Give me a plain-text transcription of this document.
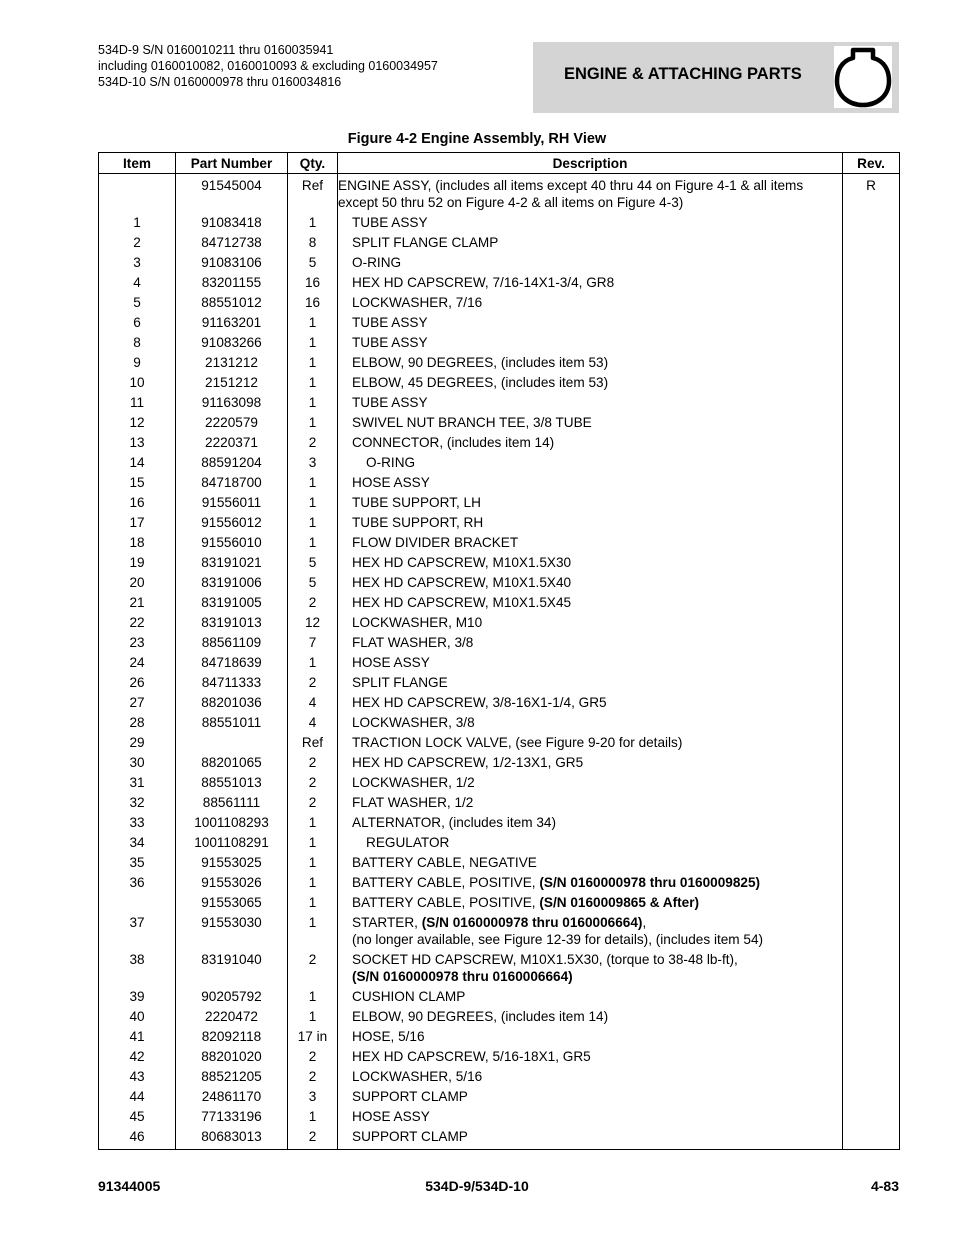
534D-9 S/N 0160010211 thru 0160035941
including 0160010082, 0160010093 & excluding 0160034957
534D-10 S/N 0160000978 thru 0160034816	ENGINE & ATTACHING PARTS
Figure 4-2 Engine Assembly, RH View
Item	Part Number	Qty.	Description	Rev.
	91545004	Ref	ENGINE ASSY, (includes all items except 40 thru 44 on Figure 4-1 & all items except 50 thru 52 on Figure 4-2 & all items on Figure 4-3)	R
1	91083418	1	TUBE ASSY	

2	84712738	8	SPLIT FLANGE CLAMP	

3	91083106	5	O-RING	

4	83201155	16	HEX HD CAPSCREW, 7/16-14X1-3/4, GR8	

5	88551012	16	LOCKWASHER, 7/16	

6	91163201	1	TUBE ASSY	

8	91083266	1	TUBE ASSY	

9	2131212	1	ELBOW, 90 DEGREES, (includes item 53)	

10	2151212	1	ELBOW, 45 DEGREES, (includes item 53)	

11	91163098	1	TUBE ASSY	

12	2220579	1	SWIVEL NUT BRANCH TEE, 3/8 TUBE	

13	2220371	2	CONNECTOR, (includes item 14)	

14	88591204	3	O-RING	

15	84718700	1	HOSE ASSY	

16	91556011	1	TUBE SUPPORT, LH	

17	91556012	1	TUBE SUPPORT, RH	

18	91556010	1	FLOW DIVIDER BRACKET	

19	83191021	5	HEX HD CAPSCREW, M10X1.5X30	

20	83191006	5	HEX HD CAPSCREW, M10X1.5X40	

21	83191005	2	HEX HD CAPSCREW, M10X1.5X45	

22	83191013	12	LOCKWASHER, M10	

23	88561109	7	FLAT WASHER, 3/8	

24	84718639	1	HOSE ASSY	

26	84711333	2	SPLIT FLANGE	

27	88201036	4	HEX HD CAPSCREW, 3/8-16X1-1/4, GR5	

28	88551011	4	LOCKWASHER, 3/8	

29		Ref	TRACTION LOCK VALVE, (see Figure 9-20 for details)	

30	88201065	2	HEX HD CAPSCREW, 1/2-13X1, GR5	

31	88551013	2	LOCKWASHER, 1/2	

32	88561111	2	FLAT WASHER, 1/2	

33	1001108293	1	ALTERNATOR, (includes item 34)	

34	1001108291	1	REGULATOR	

35	91553025	1	BATTERY CABLE, NEGATIVE	

36	91553026	1	BATTERY CABLE, POSITIVE, (S/N 0160000978 thru 0160009825)	

	91553065	1	BATTERY CABLE, POSITIVE, (S/N 0160009865 & After)	

37	91553030	1	STARTER, (S/N 0160000978 thru 0160006664),
(no longer available, see Figure 12-39 for details), (includes item 54)	

38	83191040	2	SOCKET HD CAPSCREW, M10X1.5X30, (torque to 38-48 lb-ft),
(S/N 0160000978 thru 0160006664)	

39	90205792	1	CUSHION CLAMP	

40	2220472	1	ELBOW, 90 DEGREES, (includes item 14)	

41	82092118	17 in	HOSE, 5/16	

42	88201020	2	HEX HD CAPSCREW, 5/16-18X1, GR5	

43	88521205	2	LOCKWASHER, 5/16	

44	24861170	3	SUPPORT CLAMP	

45	77133196	1	HOSE ASSY	

46	80683013	2	SUPPORT CLAMP	

91344005	534D-9/534D-10	4-83
